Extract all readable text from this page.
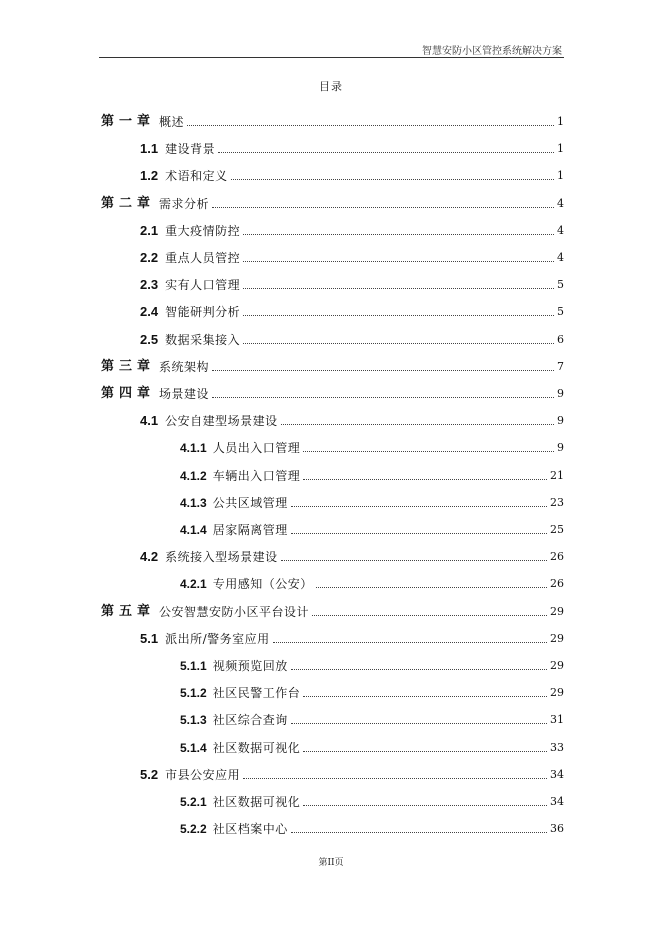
智慧安防小区管控系统解决方案
目录
第一章 概述	1
1.1 建设背景	1
1.2 术语和定义	1
第二章 需求分析	4
2.1 重大疫情防控	4
2.2 重点人员管控	4
2.3 实有人口管理	5
2.4 智能研判分析	5
2.5 数据采集接入	6
第三章 系统架构	7
第四章 场景建设	9
4.1 公安自建型场景建设	9
4.1.1 人员出入口管理	9
4.1.2 车辆出入口管理	21
4.1.3 公共区域管理	23
4.1.4 居家隔离管理	25
4.2 系统接入型场景建设	26
4.2.1 专用感知（公安）	26
第五章 公安智慧安防小区平台设计	29
5.1 派出所/警务室应用	29
5.1.1 视频预览回放	29
5.1.2 社区民警工作台	29
5.1.3 社区综合查询	31
5.1.4 社区数据可视化	33
5.2 市县公安应用	34
5.2.1 社区数据可视化	34
5.2.2 社区档案中心	36
第II页
